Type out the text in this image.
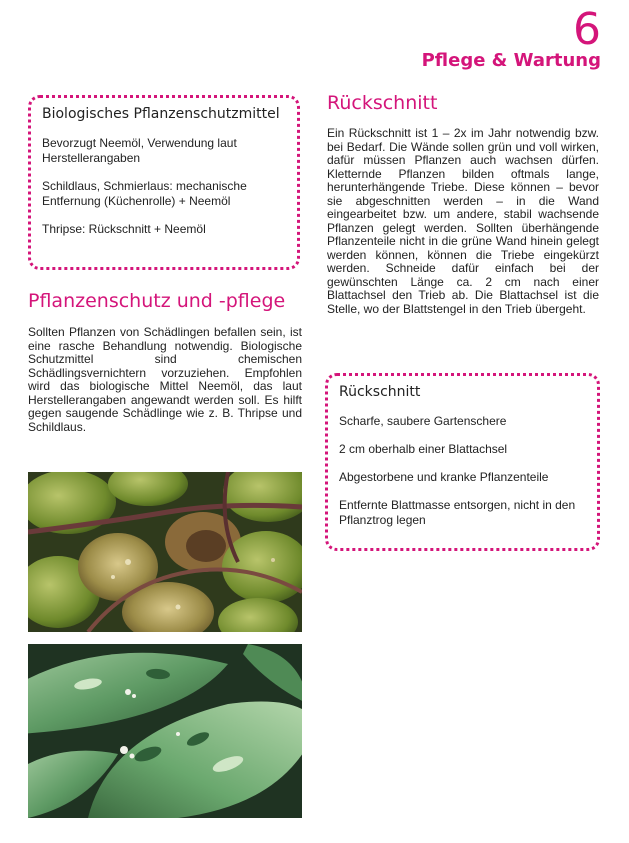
6
Pflege & Wartung
Biologisches Pflanzenschutzmittel

Bevorzugt Neemöl, Verwendung laut Herstellerangaben

Schildlaus, Schmierlaus: mechanische Entfernung (Küchenrolle) + Neemöl

Thripse: Rückschnitt + Neemöl

Pflanzenschutz und -pflege

Sollten Pflanzen von Schädlingen befallen sein, ist eine rasche Behandlung notwendig. Biologische Schutzmittel sind chemischen Schädlingsvernichtern vorzuziehen. Empfohlen wird das biologische Mittel Neemöl, das laut Herstellerangaben angewandt werden soll. Es hilft gegen saugende Schädlinge wie z. B. Thripse und Schildlaus.

Rückschnitt

Ein Rückschnitt ist 1 – 2x im Jahr notwendig bzw. bei Bedarf. Die Wände sollen grün und voll wirken, dafür müssen Pflanzen auch wachsen dürfen. Kletternde Pflanzen bilden oftmals lange, herunterhängende Triebe. Diese können – bevor sie abgeschnitten werden – in die Wand eingearbeitet bzw. um andere, stabil wachsende Pflanzen gelegt werden. Sollten überhängende Pflanzenteile nicht in die grüne Wand hinein gelegt werden können, können die Triebe eingekürzt werden. Schneide dafür einfach bei der gewünschten Länge ca. 2 cm nach einer Blattachsel den Trieb ab. Die Blattachsel ist die Stelle, wo der Blattstengel in den Trieb übergeht.

Rückschnitt

Scharfe, saubere Gartenschere

2 cm oberhalb einer Blattachsel

Abgestorbene und kranke Pflanzenteile

Entfernte Blattmasse entsorgen, nicht in den Pflanztrog legen
